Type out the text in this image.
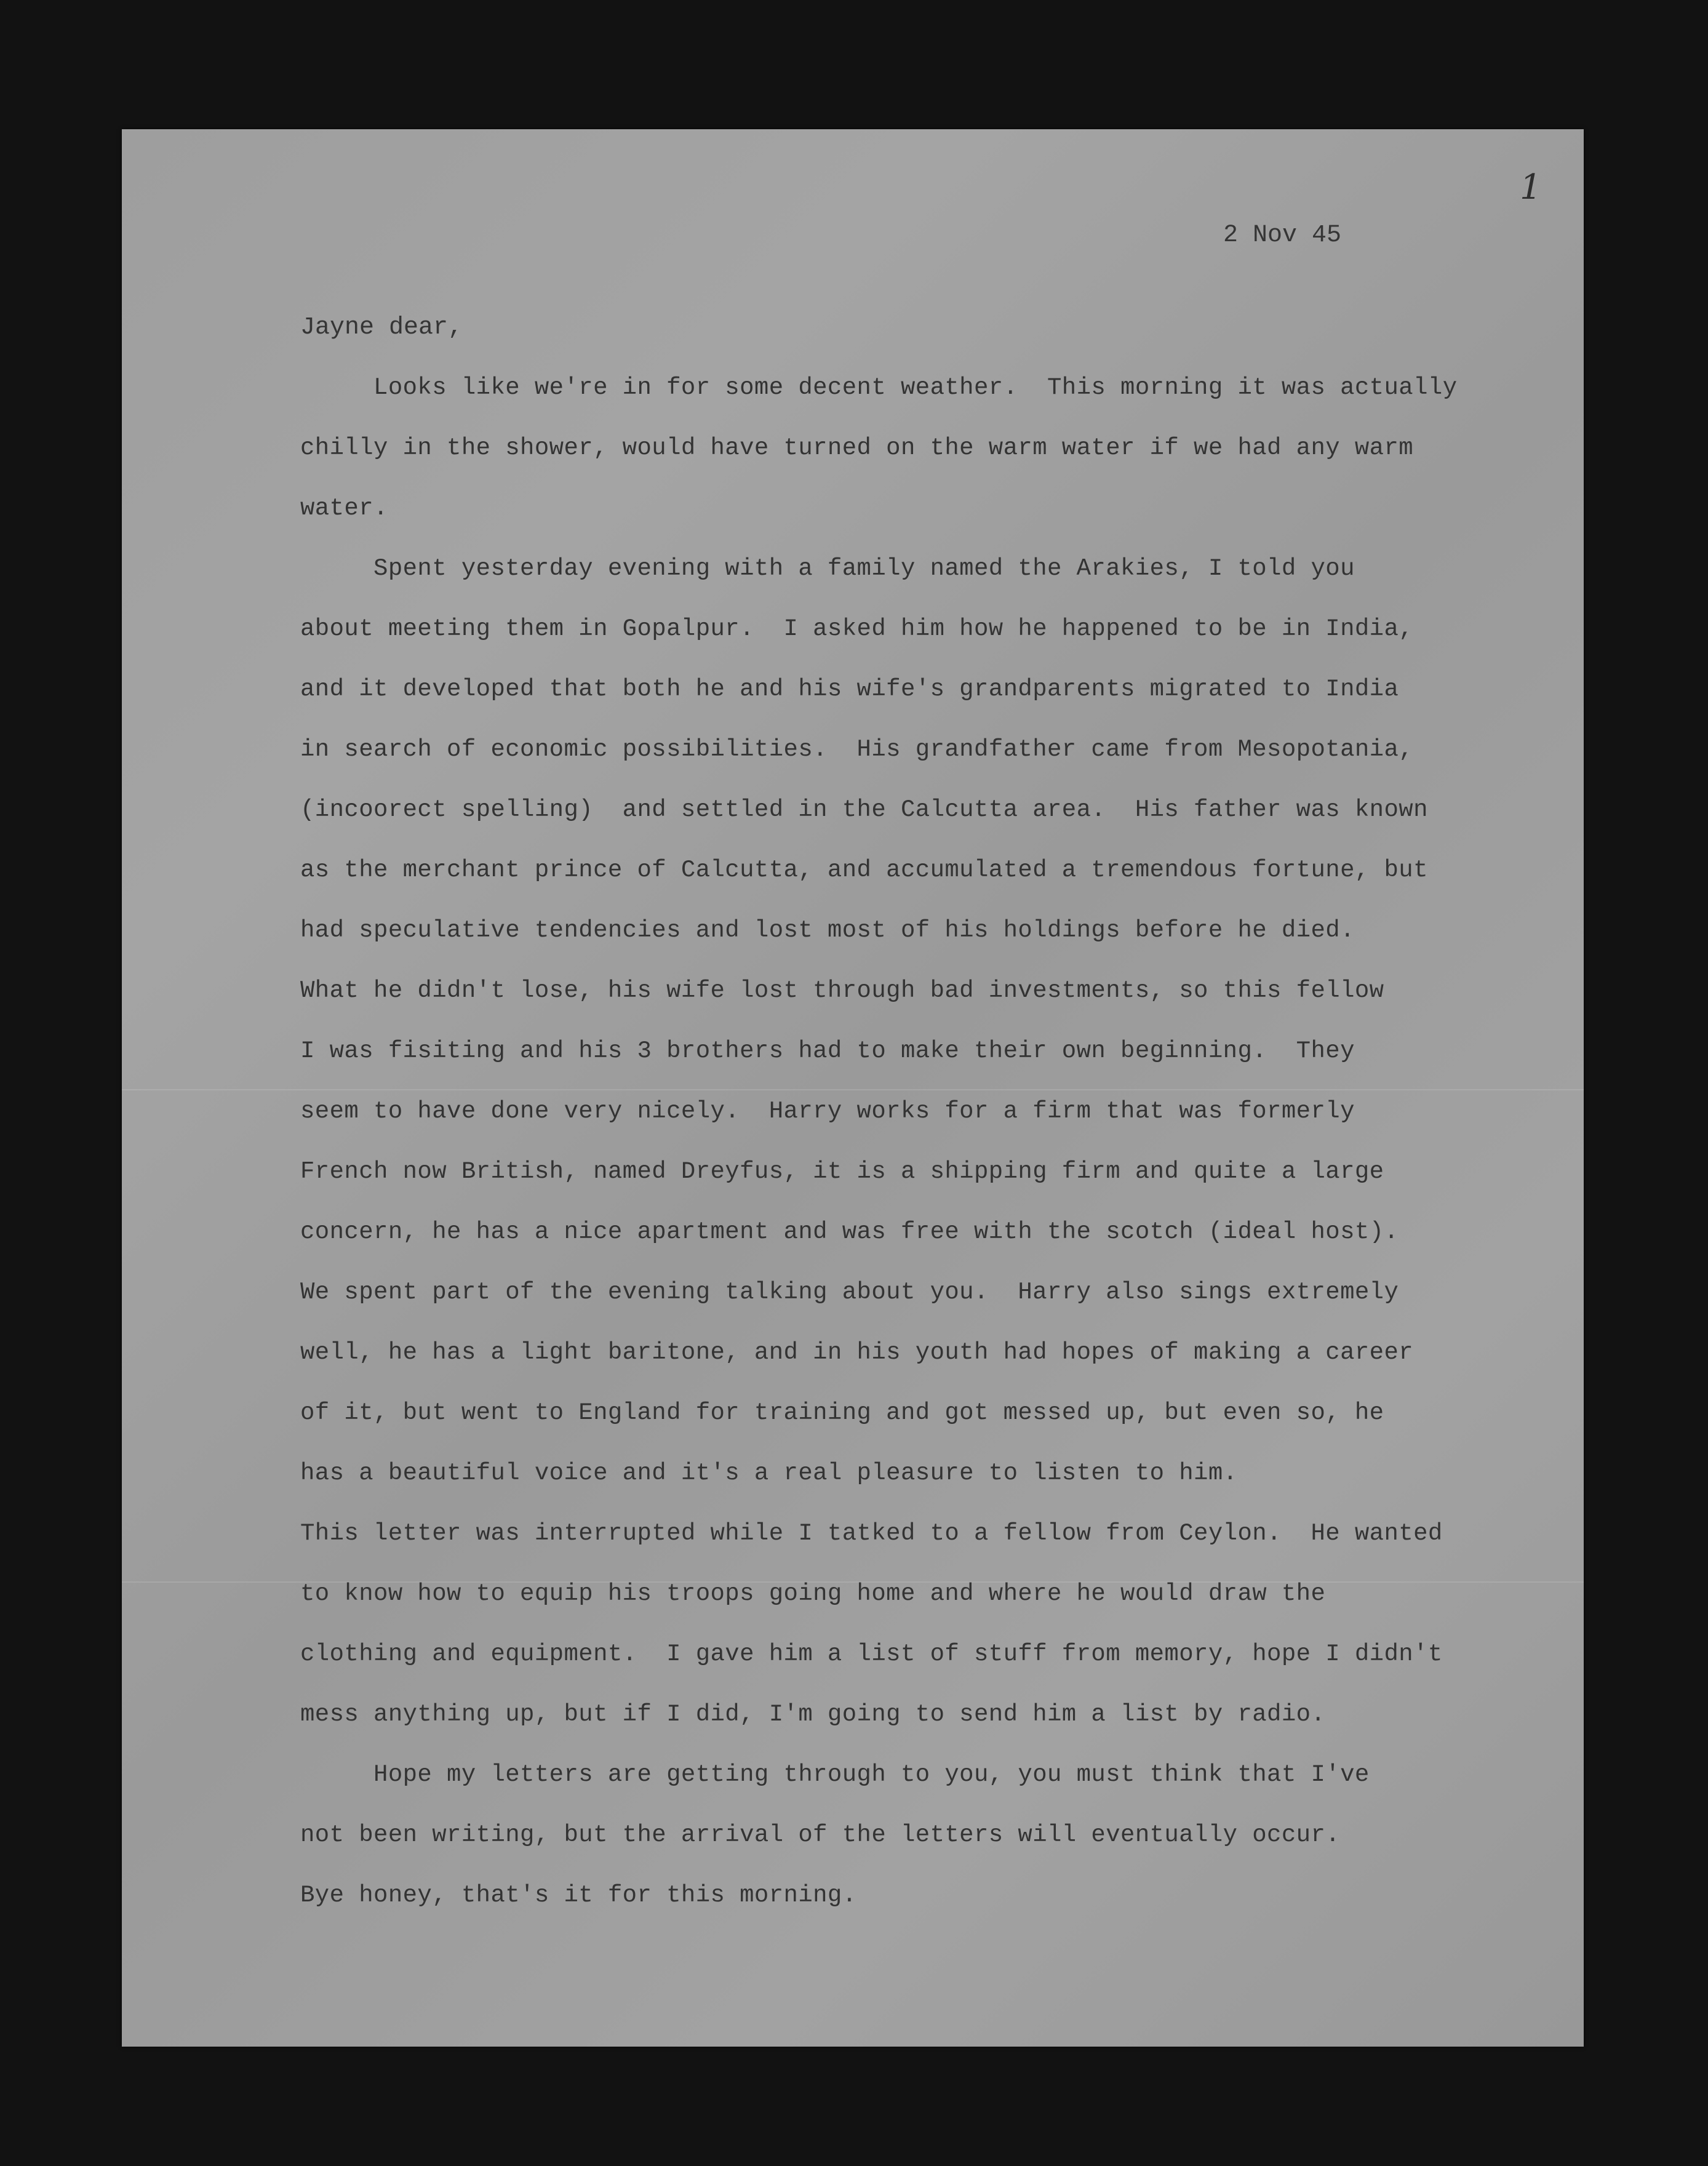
1
2 Nov 45
Jayne dear,
Looks like we're in for some decent weather.  This morning it was actually
chilly in the shower, would have turned on the warm water if we had any warm
water.
Spent yesterday evening with a family named the Arakies, I told you
about meeting them in Gopalpur.  I asked him how he happened to be in India,
and it developed that both he and his wife's grandparents migrated to India
in search of economic possibilities.  His grandfather came from Mesopotania,
(incoorect spelling)  and settled in the Calcutta area.  His father was known
as the merchant prince of Calcutta, and accumulated a tremendous fortune, but
had speculative tendencies and lost most of his holdings before he died.
What he didn't lose, his wife lost through bad investments, so this fellow
I was fisiting and his 3 brothers had to make their own beginning.  They
seem to have done very nicely.  Harry works for a firm that was formerly
French now British, named Dreyfus, it is a shipping firm and quite a large
concern, he has a nice apartment and was free with the scotch (ideal host).
We spent part of the evening talking about you.  Harry also sings extremely
well, he has a light baritone, and in his youth had hopes of making a career
of it, but went to England for training and got messed up, but even so, he
has a beautiful voice and it's a real pleasure to listen to him.
This letter was interrupted while I tatked to a fellow from Ceylon.  He wanted
to know how to equip his troops going home and where he would draw the
clothing and equipment.  I gave him a list of stuff from memory, hope I didn't
mess anything up, but if I did, I'm going to send him a list by radio.
Hope my letters are getting through to you, you must think that I've
not been writing, but the arrival of the letters will eventually occur.
Bye honey, that's it for this morning.
